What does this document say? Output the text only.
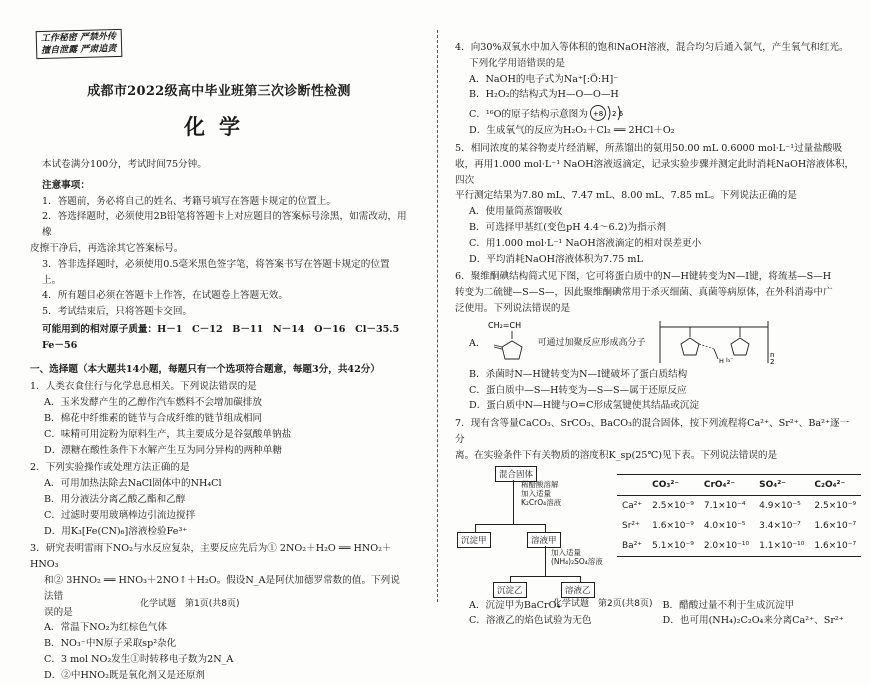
工作秘密 严禁外传
擅自泄露 严肃追责
成都市2022级高中毕业班第三次诊断性检测
化学

本试卷满分100分，考试时间75分钟。

注意事项：

1．答题前，务必将自己的姓名、考籍号填写在答题卡规定的位置上。

2．答选择题时，必须使用2B铅笔将答题卡上对应题目的答案标号涂黑，如需改动，用橡

皮擦干净后，再选涂其它答案标号。

3．答非选择题时，必须使用0.5毫米黑色签字笔，将答案书写在答题卡规定的位置上。

4．所有题目必须在答题卡上作答，在试题卷上答题无效。

5．考试结束后，只将答题卡交回。

可能用到的相对原子质量：H－1　C－12　B－11　N－14　O－16　Cl－35.5　Fe－56

一、选择题（本大题共14小题，每题只有一个选项符合题意，每题3分，共42分）

1．人类衣食住行与化学息息相关。下列说法错误的是

A．玉米发酵产生的乙醇作汽车燃料不会增加碳排放

B．棉花中纤维素的链节与合成纤维的链节组成相同

C．味精可用淀粉为原料生产，其主要成分是谷氨酸单钠盐

D．漂糖在酸性条件下水解产生互为同分异构的两种单糖

2．下列实验操作或处理方法正确的是

A．可用加热法除去NaCl固体中的NH₄Cl

B．用分液法分离乙酸乙酯和乙醇

C．过滤时要用玻璃棒边引流边搅拌

D．用K₃[Fe(CN)₆]溶液检验Fe³⁺

3．研究表明雷雨下NO₂与水反应复杂，主要反应先后为① 2NO₂＋H₂O ══ HNO₂＋HNO₃

和② 3HNO₂ ══ HNO₃＋2NO↑＋H₂O。假设N_A是阿伏加德罗常数的值。下列说法错

误的是

A．常温下NO₂为红棕色气体

B．NO₃⁻中N原子采取sp²杂化

C．3 mol NO₂发生①时转移电子数为2N_A

D．②中HNO₂既是氧化剂又是还原剂

化学试题　第1页(共8页)

4．向30%双氧水中加入等体积的饱和NaOH溶液，混合均匀后通入氯气，产生氧气和红光。

下列化学用语错误的是

A．NaOH的电子式为Na⁺[:Ö:H]⁻

B．H₂O₂的结构式为H—O—O—H

C．¹⁶O的原子结构示意图为 +8 2 6

D．生成氧气的反应为H₂O₂＋Cl₂ ══ 2HCl＋O₂

5．相同浓度的某谷物麦片经消解，所蒸馏出的氨用50.00 mL 0.6000 mol·L⁻¹过量盐酸吸

收，再用1.000 mol·L⁻¹ NaOH溶液返滴定，记录实验步骤并测定此时消耗NaOH溶液体积，四次

平行测定结果为7.80 mL、7.47 mL、8.00 mL、7.85 mL。下列说法正确的是

A．使用量筒蒸馏吸收

B．可选择甲基红(变色pH 4.4～6.2)为指示剂

C．用1.000 mol·L⁻¹ NaOH溶液滴定的相对误差更小

D．平均消耗NaOH溶液体积为7.75 mL

6．聚维酮碘结构简式见下图，它可将蛋白质中的N—H键转变为N—I键，将巯基—S—H

转变为二硫键—S—S—，因此聚维酮碘常用于杀灭细菌、真菌等病原体，在外科消毒中广

泛使用。下列说法错误的是

A．
CH₂=CH
可通过加聚反应形成高分子
H I₃⁻
n
2

B．杀菌时N—H键转变为N—I键破坏了蛋白质结构

C．蛋白质中—S—H转变为—S—S—属于还原反应

D．蛋白质中N—H键与O=C形成氢键使其结晶或沉淀

7．现有含等量CaCO₃、SrCO₃、BaCO₃的混合固体，按下列流程将Ca²⁺、Sr²⁺、Ba²⁺逐一分

离。在实验条件下有关物质的溶度积K_sp(25℃)见下表。下列说法错误的是

混合固体
稀醋酸溶解
加入适量
K₂CrO₄溶液
沉淀甲	溶液甲
加入适量
(NH₄)₂SO₄溶液
沉淀乙	溶液乙
	CO₃²⁻	CrO₄²⁻	SO₄²⁻	C₂O₄²⁻
Ca²⁺	2.5×10⁻⁹	7.1×10⁻⁴	4.9×10⁻⁵	2.5×10⁻⁹
Sr²⁺	1.6×10⁻⁹	4.0×10⁻⁵	3.4×10⁻⁷	1.6×10⁻⁷
Ba²⁺	5.1×10⁻⁹	2.0×10⁻¹⁰	1.1×10⁻¹⁰	1.6×10⁻⁷
A．沉淀甲为BaCrO₄	B．醋酸过量不利于生成沉淀甲
C．溶液乙的焰色试验为无色	D．也可用(NH₄)₂C₂O₄来分离Ca²⁺、Sr²⁺
化学试题　第2页(共8页)
